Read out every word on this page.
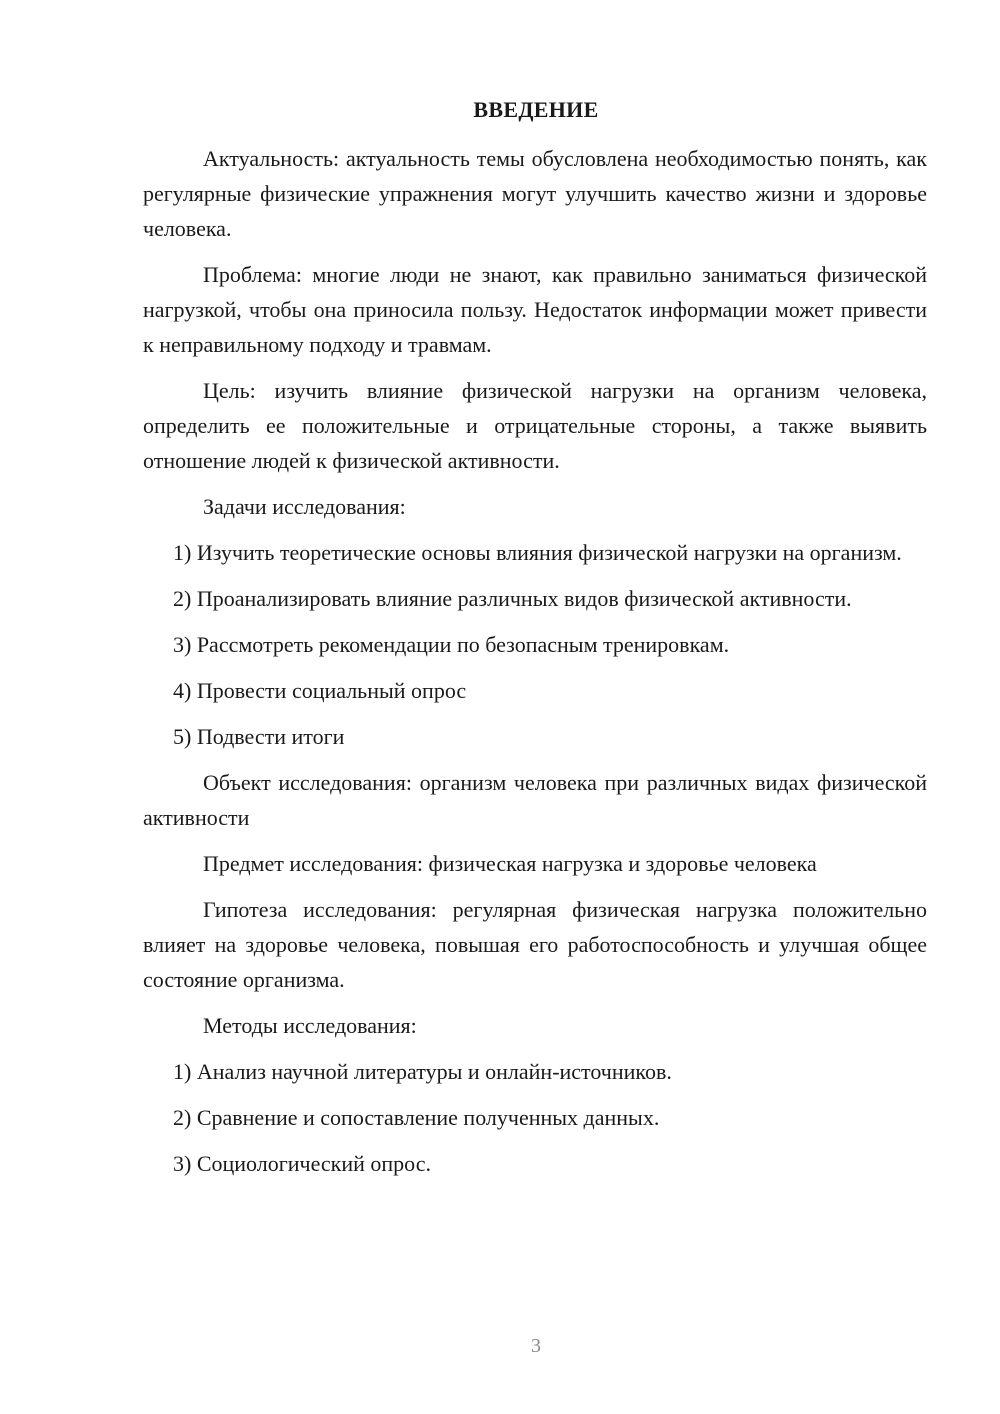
ВВЕДЕНИЕ

Актуальность: актуальность темы обусловлена необходимостью понять, как регулярные физические упражнения могут улучшить качество жизни и здоровье человека.

Проблема: многие люди не знают, как правильно заниматься физической нагрузкой, чтобы она приносила пользу. Недостаток информации может привести к неправильному подходу и травмам.

Цель: изучить влияние физической нагрузки на организм человека, определить ее положительные и отрицательные стороны, а также выявить отношение людей к физической активности.

Задачи исследования:

1) Изучить теоретические основы влияния физической нагрузки на организм.

2) Проанализировать влияние различных видов физической активности.

3) Рассмотреть рекомендации по безопасным тренировкам.

4) Провести социальный опрос

5) Подвести итоги

Объект исследования: организм человека при различных видах физической активности

Предмет исследования: физическая нагрузка и здоровье человека

Гипотеза исследования: регулярная физическая нагрузка положительно влияет на здоровье человека, повышая его работоспособность и улучшая общее состояние организма.

Методы исследования:

1) Анализ научной литературы и онлайн-источников.

2) Сравнение и сопоставление полученных данных.

3) Социологический опрос.

3
